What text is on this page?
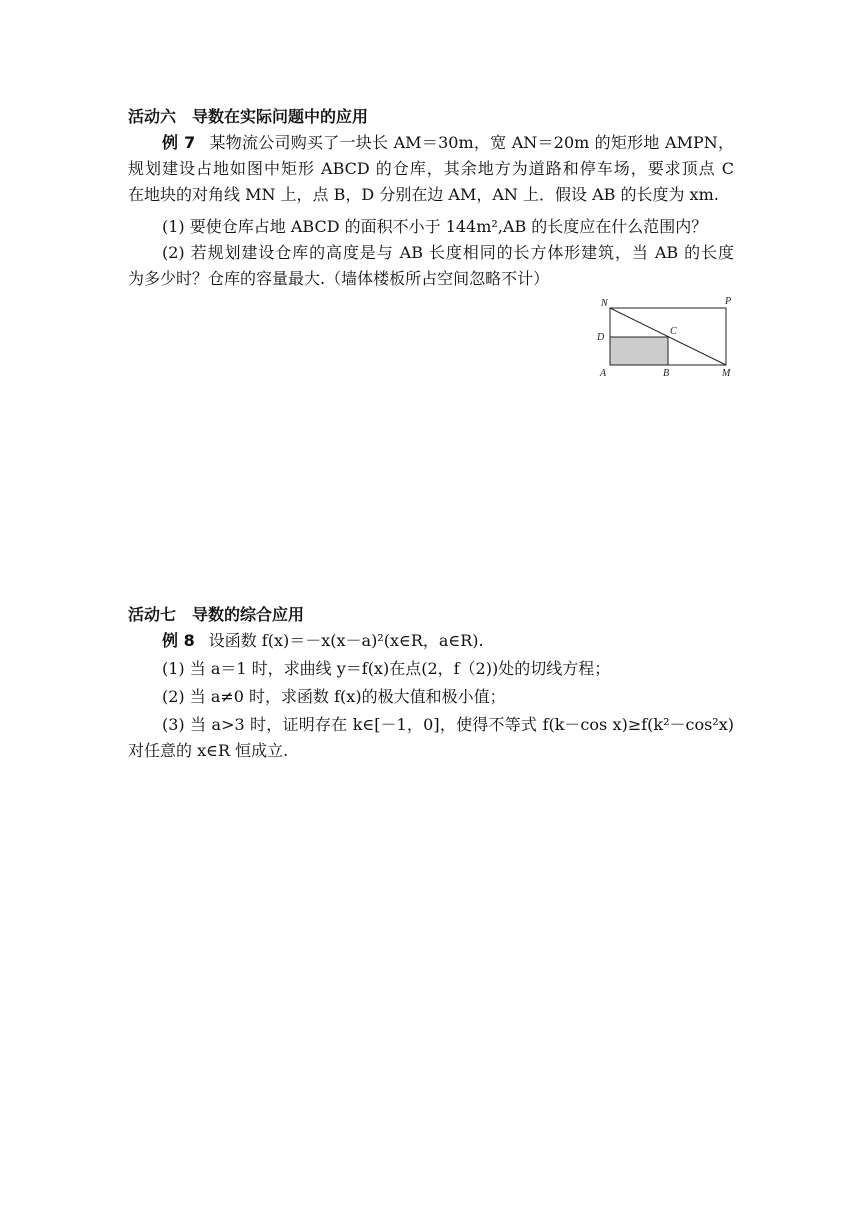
活动六　导数在实际问题中的应用
例 7 某物流公司购买了一块长 AM＝30m，宽 AN＝20m 的矩形地 AMPN，
规划建设占地如图中矩形 ABCD 的仓库，其余地方为道路和停车场，要求顶点 C
在地块的对角线 MN 上，点 B，D 分别在边 AM，AN 上．假设 AB 的长度为 xm.
(1) 要使仓库占地 ABCD 的面积不小于 144m²,AB 的长度应在什么范围内？
(2) 若规划建设仓库的高度是与 AB 长度相同的长方体形建筑，当 AB 的长度
为多少时？仓库的容量最大.（墙体楼板所占空间忽略不计）
N	P
D
C
A	B	M
活动七　导数的综合应用
例 8 设函数 f(x)＝－x(x－a)²(x∈R，a∈R).
(1) 当 a＝1 时，求曲线 y＝f(x)在点(2，f（2))处的切线方程；
(2) 当 a≠0 时，求函数 f(x)的极大值和极小值；
(3) 当 a>3 时，证明存在 k∈[－1，0]，使得不等式 f(k－cos x)≥f(k²－cos²x)
对任意的 x∈R 恒成立.
